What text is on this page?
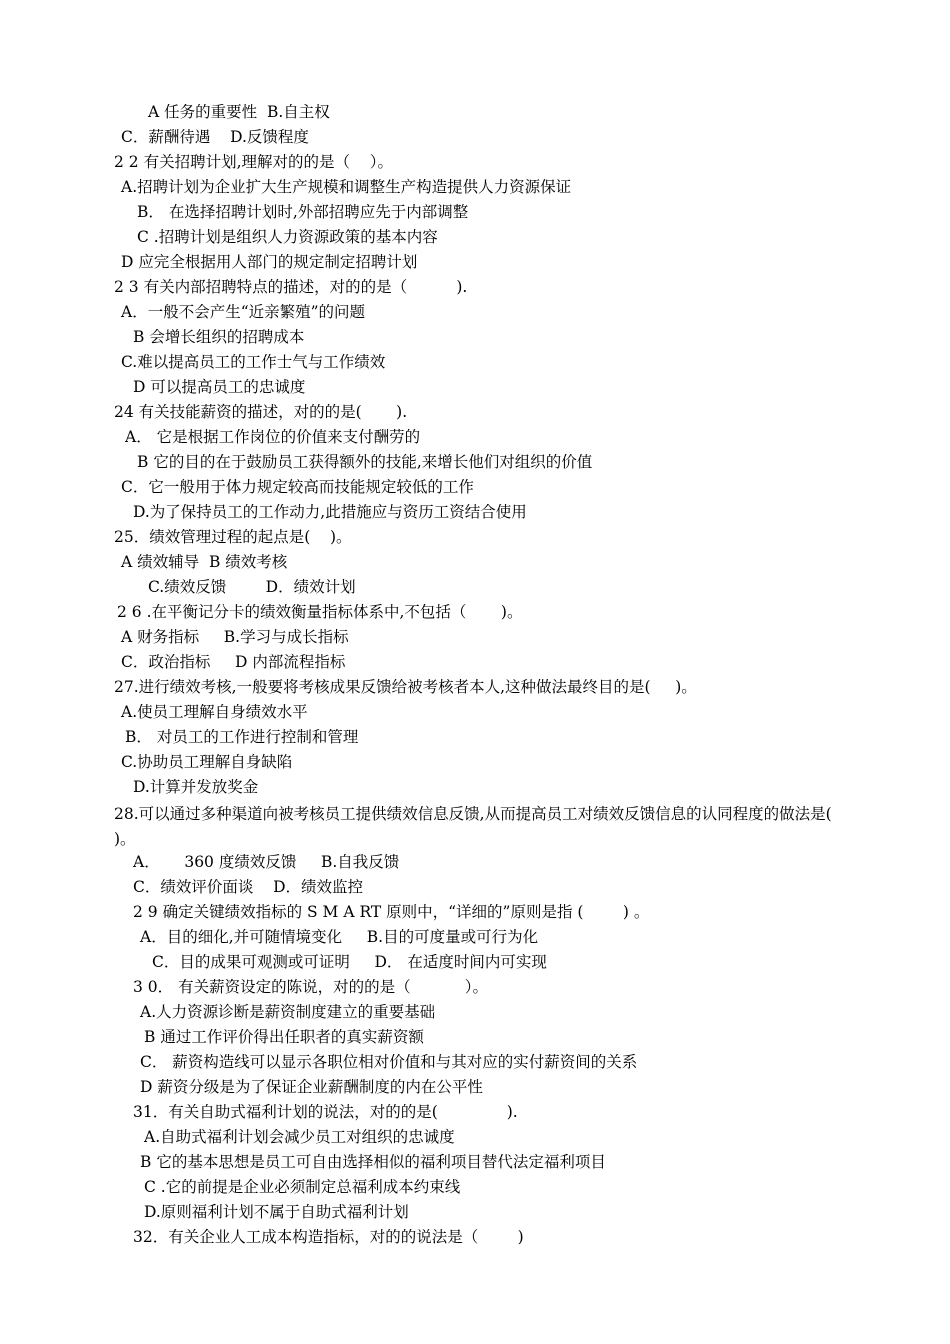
A 任务的重要性  B.自主权
C．薪酬待遇    D.反馈程度
2 2 有关招聘计划,理解对的的是（    ）。
A.招聘计划为企业扩大生产规模和调整生产构造提供人力资源保证
B． 在选择招聘计划时,外部招聘应先于内部调整
C .招聘计划是组织人力资源政策的基本内容
D 应完全根据用人部门的规定制定招聘计划
2 3 有关内部招聘特点的描述，对的的是（          ).
A．一般不会产生“近亲繁殖”的问题
B 会增长组织的招聘成本
C.难以提高员工的工作士气与工作绩效
D 可以提高员工的忠诚度
24 有关技能薪资的描述，对的的是(       ).
A． 它是根据工作岗位的价值来支付酬劳的
B 它的目的在于鼓励员工获得额外的技能,来增长他们对组织的价值
C．它一般用于体力规定较高而技能规定较低的工作
D.为了保持员工的工作动力,此措施应与资历工资结合使用
25．绩效管理过程的起点是(    )。
A 绩效辅导  B 绩效考核
C.绩效反馈        D．绩效计划
2 6 .在平衡记分卡的绩效衡量指标体系中,不包括（       )。
A 财务指标     B.学习与成长指标
C．政治指标     D 内部流程指标
27.进行绩效考核,一般要将考核成果反馈给被考核者本人,这种做法最终目的是(     )。
A.使员工理解自身绩效水平
B． 对员工的工作进行控制和管理
C.协助员工理解自身缺陷
D.计算并发放奖金
28.可以通过多种渠道向被考核员工提供绩效信息反馈,从而提高员工对绩效反馈信息的认同程度的做法是( )。
A．     360 度绩效反馈     B.自我反馈
C．绩效评价面谈    D．绩效监控
2 9 确定关键绩效指标的 S M A RT 原则中，“详细的”原则是指 (        ) 。
A．目的细化,并可随情境变化     B.目的可度量或可行为化
C．目的成果可观测或可证明     D． 在适度时间内可实现
3 0． 有关薪资设定的陈说，对的的是（           ）。
A.人力资源诊断是薪资制度建立的重要基础
B 通过工作评价得出任职者的真实薪资额
C． 薪资构造线可以显示各职位相对价值和与其对应的实付薪资间的关系
D 薪资分级是为了保证企业薪酬制度的内在公平性
31．有关自助式福利计划的说法，对的的是(              ).
A.自助式福利计划会减少员工对组织的忠诚度
B 它的基本思想是员工可自由选择相似的福利项目替代法定福利项目
C .它的前提是企业必须制定总福利成本约束线
D.原则福利计划不属于自助式福利计划
32．有关企业人工成本构造指标，对的的说法是（        )
